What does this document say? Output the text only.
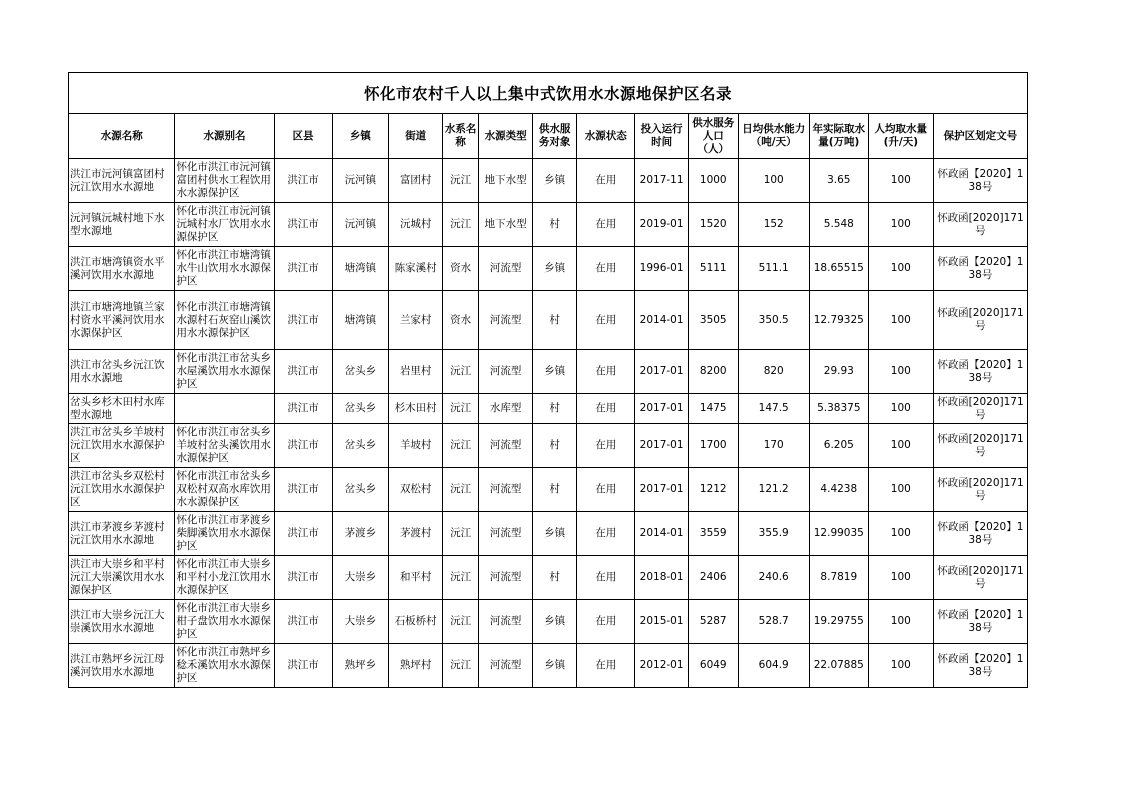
怀化市农村千人以上集中式饮用水水源地保护区名录
水源名称	水源别名	区县	乡镇	街道	水系名称	水源类型	供水服务对象	水源状态	投入运行时间	供水服务人口（人）	日均供水能力（吨/天）	年实际取水量(万吨)	人均取水量(升/天)	保护区划定文号
洪江市沅河镇富团村沅江饮用水水源地	怀化市洪江市沅河镇富团村供水工程饮用水水源保护区	洪江市	沅河镇	富团村	沅江	地下水型	乡镇	在用	2017-11	1000	100	3.65	100	怀政函【2020】138号
沅河镇沅城村地下水型水源地	怀化市洪江市沅河镇沅城村水厂饮用水水源保护区	洪江市	沅河镇	沅城村	沅江	地下水型	村	在用	2019-01	1520	152	5.548	100	怀政函[2020]171号
洪江市塘湾镇资水平溪河饮用水水源地	怀化市洪江市塘湾镇水牛山饮用水水源保护区	洪江市	塘湾镇	陈家溪村	资水	河流型	乡镇	在用	1996-01	5111	511.1	18.65515	100	怀政函【2020】138号
洪江市塘湾地镇兰家村资水平溪河饮用水水源保护区	怀化市洪江市塘湾镇水源村石灰窑山溪饮用水水源保护区	洪江市	塘湾镇	兰家村	资水	河流型	村	在用	2014-01	3505	350.5	12.79325	100	怀政函[2020]171号
洪江市岔头乡沅江饮用水水源地	怀化市洪江市岔头乡水屋溪饮用水水源保护区	洪江市	岔头乡	岩里村	沅江	河流型	乡镇	在用	2017-01	8200	820	29.93	100	怀政函【2020】138号
岔头乡杉木田村水库型水源地		洪江市	岔头乡	杉木田村	沅江	水库型	村	在用	2017-01	1475	147.5	5.38375	100	怀政函[2020]171号
洪江市岔头乡羊坡村沅江饮用水水源保护区	怀化市洪江市岔头乡羊坡村岔头溪饮用水水源保护区	洪江市	岔头乡	羊坡村	沅江	河流型	村	在用	2017-01	1700	170	6.205	100	怀政函[2020]171号
洪江市岔头乡双松村沅江饮用水水源保护区	怀化市洪江市岔头乡双松村双高水库饮用水水源保护区	洪江市	岔头乡	双松村	沅江	河流型	村	在用	2017-01	1212	121.2	4.4238	100	怀政函[2020]171号
洪江市茅渡乡茅渡村沅江饮用水水源地	怀化市洪江市茅渡乡柴脚溪饮用水水源保护区	洪江市	茅渡乡	茅渡村	沅江	河流型	乡镇	在用	2014-01	3559	355.9	12.99035	100	怀政函【2020】138号
洪江市大崇乡和平村沅江大崇溪饮用水水源保护区	怀化市洪江市大崇乡和平村小龙江饮用水水源保护区	洪江市	大崇乡	和平村	沅江	河流型	村	在用	2018-01	2406	240.6	8.7819	100	怀政函[2020]171号
洪江市大崇乡沅江大崇溪饮用水水源地	怀化市洪江市大崇乡柑子盘饮用水水源保护区	洪江市	大崇乡	石板桥村	沅江	河流型	乡镇	在用	2015-01	5287	528.7	19.29755	100	怀政函【2020】138号
洪江市熟坪乡沅江母溪河饮用水水源地	怀化市洪江市熟坪乡稔禾溪饮用水水源保护区	洪江市	熟坪乡	熟坪村	沅江	河流型	乡镇	在用	2012-01	6049	604.9	22.07885	100	怀政函【2020】138号
